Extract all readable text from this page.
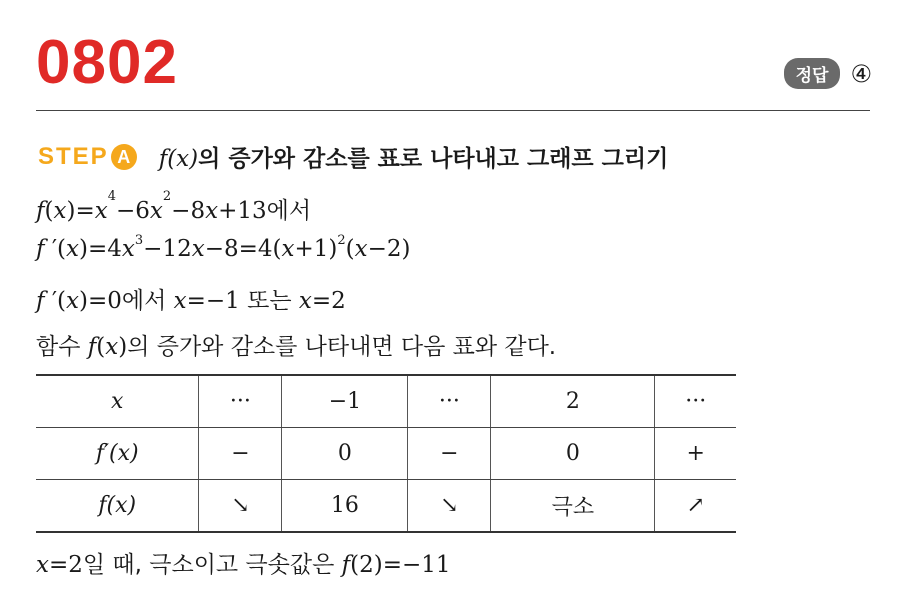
0802	정답 ④
STEP A f(x)의 증가와 감소를 표로 나타내고 그래프 그리기
$f(x)=x^4-6x^2-8x+13$에서
f $'(x)=4x^3-12x-8=4(x+1)^2(x-2)$
f ′(x)=0에서 x=−1 또는 x=2
함수 f(x)의 증가와 감소를 나타내면 다음 표와 같다.
x	···	−1	···	2	···
f′(x)	−	0	−	0	+
f(x)	↘	16	↘	극소	↗
x=2일 때, 극소이고 극솟값은 f(2)=−11
